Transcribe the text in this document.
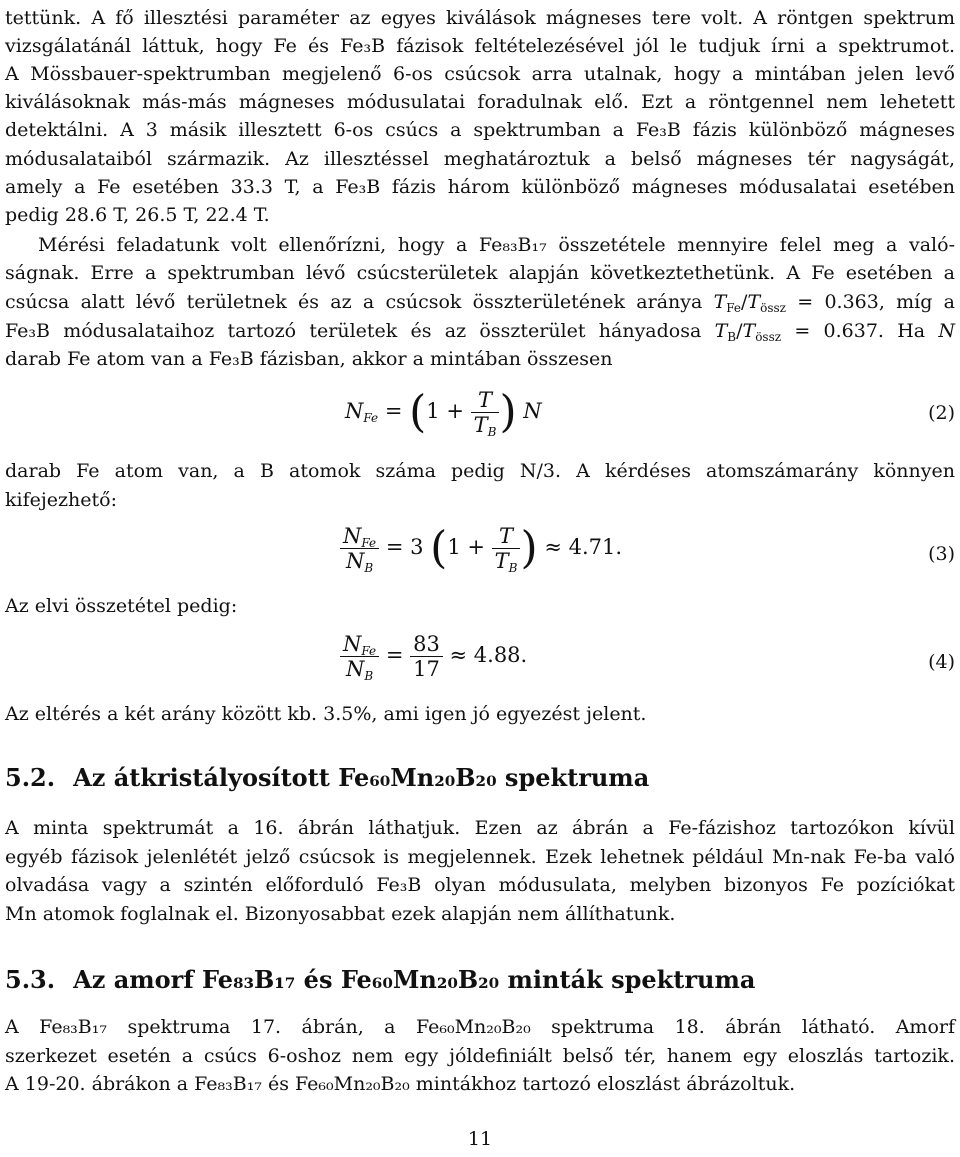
tettünk. A fő illesztési paraméter az egyes kiválások mágneses tere volt. A röntgen spektrum
vizsgálatánál láttuk, hogy Fe és Fe₃B fázisok feltételezésével jól le tudjuk írni a spektrumot.
A Mössbauer-spektrumban megjelenő 6-os csúcsok arra utalnak, hogy a mintában jelen levő
kiválásoknak más-más mágneses módusulatai foradulnak elő. Ezt a röntgennel nem lehetett
detektálni. A 3 másik illesztett 6-os csúcs a spektrumban a Fe₃B fázis különböző mágneses
módusalataiból származik. Az illesztéssel meghatároztuk a belső mágneses tér nagyságát,
amely a Fe esetében 33.3 T, a Fe₃B fázis három különböző mágneses módusalatai esetében
pedig 28.6 T, 26.5 T, 22.4 T.
Mérési feladatunk volt ellenőrízni, hogy a Fe₈₃B₁₇ összetétele mennyire felel meg a való-
ságnak. Erre a spektrumban lévő csúcsterületek alapján következtethetünk. A Fe esetében a
csúcsa alatt lévő területnek és az a csúcsok összterületének aránya $T_{Fe}/T_{össz} = 0.363$, míg a
Fe₃B módusalataihoz tartozó területek és az összterület hányadosa $T_B/T_{össz} = 0.637$. Ha N
darab Fe atom van a Fe₃B fázisban, akkor a mintában összesen
$N_{Fe} = (1 + \frac{T}{T_B}$ ) N	(2)
darab Fe atom van, a B atomok száma pedig N/3. A kérdéses atomszámarány könnyen
kifejezhető:
$\frac{N_{Fe}}{N_B} = 3$ ($1 + \frac{T}{T_B}$ ) ≈ 4.71.	(3)
Az elvi összetétel pedig:
$\frac{N_{Fe}}{N_B} = \frac{83}{17} \approx 4.88$.	(4)
Az eltérés a két arány között kb. 3.5%, ami igen jó egyezést jelent.
5.2. Az átkristályosított Fe₆₀Mn₂₀B₂₀ spektruma
A minta spektrumát a 16. ábrán láthatjuk. Ezen az ábrán a Fe-fázishoz tartozókon kívül
egyéb fázisok jelenlétét jelző csúcsok is megjelennek. Ezek lehetnek például Mn-nak Fe-ba való
olvadása vagy a szintén előforduló Fe₃B olyan módusulata, melyben bizonyos Fe pozíciókat
Mn atomok foglalnak el. Bizonyosabbat ezek alapján nem állíthatunk.
5.3. Az amorf Fe₈₃B₁₇ és Fe₆₀Mn₂₀B₂₀ minták spektruma
A Fe₈₃B₁₇ spektruma 17. ábrán, a Fe₆₀Mn₂₀B₂₀ spektruma 18. ábrán látható. Amorf
szerkezet esetén a csúcs 6-oshoz nem egy jóldefiniált belső tér, hanem egy eloszlás tartozik.
A 19-20. ábrákon a Fe₈₃B₁₇ és Fe₆₀Mn₂₀B₂₀ mintákhoz tartozó eloszlást ábrázoltuk.
11
